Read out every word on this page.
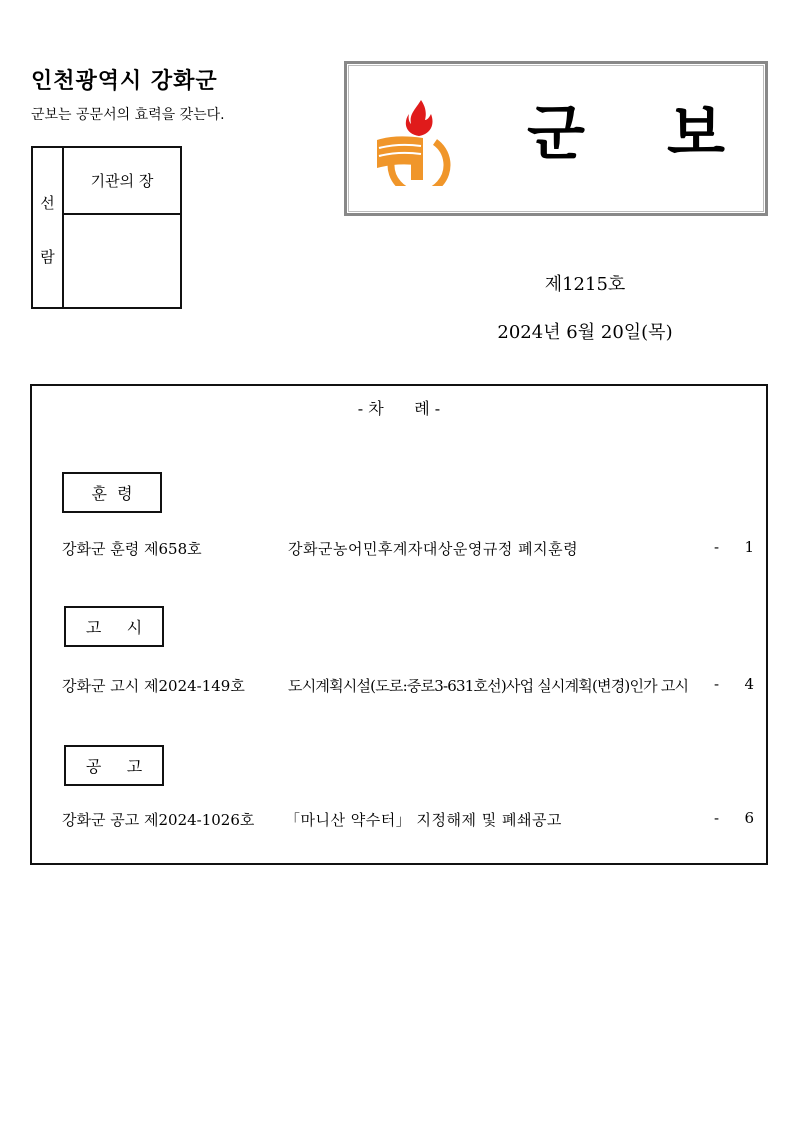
인천광역시 강화군
군보는 공문서의 효력을 갖는다.
선
람
기관의 장
군 보
제1215호
2024년 6월 20일(목)
- 차      례 -
훈  령
강화군 훈령 제658호	강화군농어민후계자대상운영규정 폐지훈령	- 1
고     시
강화군 고시 제2024-149호	도시계획시설(도로:중로3-631호선)사업 실시계획(변경)인가 고시 - 4
공     고
강화군 공고 제2024-1026호 「마니산 약수터」 지정해제 및 폐쇄공고	- 6
